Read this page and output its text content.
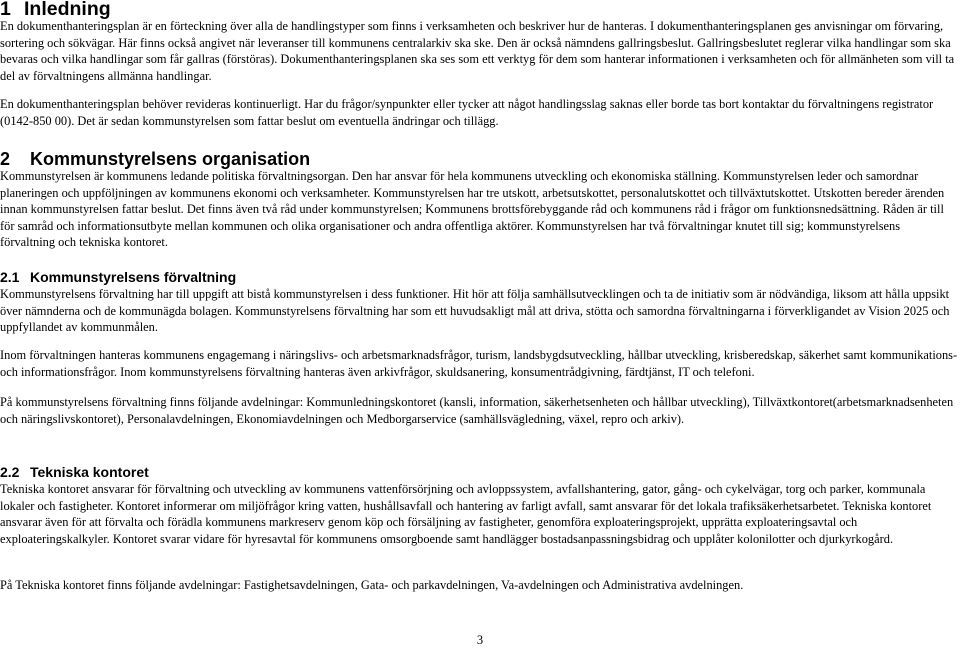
1 Inledning

En dokumenthanteringsplan är en förteckning över alla de handlingstyper som finns i verksamheten och beskriver hur de hanteras. I dokumenthanteringsplanen ges anvisningar om förvaring, sortering och sökvägar. Här finns också angivet när leveranser till kommunens centralarkiv ska ske. Den är också nämndens gallringsbeslut. Gallringsbeslutet reglerar vilka handlingar som ska bevaras och vilka handlingar som får gallras (förstöras). Dokumenthanteringsplanen ska ses som ett verktyg för dem som hanterar informationen i verksamheten och för allmänheten som vill ta del av förvaltningens allmänna handlingar.

En dokumenthanteringsplan behöver revideras kontinuerligt. Har du frågor/synpunkter eller tycker att något handlingsslag saknas eller borde tas bort kontaktar du förvaltningens registrator (0142-850 00). Det är sedan kommunstyrelsen som fattar beslut om eventuella ändringar och tillägg.

2 Kommunstyrelsens organisation

Kommunstyrelsen är kommunens ledande politiska förvaltningsorgan. Den har ansvar för hela kommunens utveckling och ekonomiska ställning. Kommunstyrelsen leder och samordnar planeringen och uppföljningen av kommunens ekonomi och verksamheter. Kommunstyrelsen har tre utskott, arbetsutskottet, personalutskottet och tillväxtutskottet. Utskotten bereder ärenden innan kommunstyrelsen fattar beslut. Det finns även två råd under kommunstyrelsen; Kommunens brottsförebyggande råd och kommunens råd i frågor om funktionsnedsättning. Råden är till för samråd och informationsutbyte mellan kommunen och olika organisationer och andra offentliga aktörer. Kommunstyrelsen har två förvaltningar knutet till sig; kommunstyrelsens förvaltning och tekniska kontoret.

2.1 Kommunstyrelsens förvaltning

Kommunstyrelsens förvaltning har till uppgift att bistå kommunstyrelsen i dess funktioner. Hit hör att följa samhällsutvecklingen och ta de initiativ som är nödvändiga, liksom att hålla uppsikt över nämnderna och de kommunägda bolagen. Kommunstyrelsens förvaltning har som ett huvudsakligt mål att driva, stötta och samordna förvaltningarna i förverkligandet av Vision 2025 och uppfyllandet av kommunmålen.

Inom förvaltningen hanteras kommunens engagemang i näringslivs- och arbetsmarknadsfrågor, turism, landsbygdsutveckling, hållbar utveckling, krisberedskap, säkerhet samt kommunikations- och informationsfrågor. Inom kommunstyrelsens förvaltning hanteras även arkivfrågor, skuldsanering, konsumentrådgivning, färdtjänst, IT och telefoni.

På kommunstyrelsens förvaltning finns följande avdelningar: Kommunledningskontoret (kansli, information, säkerhetsenheten och hållbar utveckling), Tillväxtkontoret(arbetsmarknadsenheten och näringslivskontoret), Personalavdelningen, Ekonomiavdelningen och Medborgarservice (samhällsvägledning, växel, repro och arkiv).

2.2 Tekniska kontoret

Tekniska kontoret ansvarar för förvaltning och utveckling av kommunens vattenförsörjning och avloppssystem, avfallshantering, gator, gång- och cykelvägar, torg och parker, kommunala lokaler och fastigheter. Kontoret informerar om miljöfrågor kring vatten, hushållsavfall och hantering av farligt avfall, samt ansvarar för det lokala trafiksäkerhetsarbetet. Tekniska kontoret ansvarar även för att förvalta och förädla kommunens markreserv genom köp och försäljning av fastigheter, genomföra exploateringsprojekt, upprätta exploateringsavtal och exploateringskalkyler. Kontoret svarar vidare för hyresavtal för kommunens omsorgboende samt handlägger bostadsanpassningsbidrag och upplåter kolonilotter och djurkyrkogård.

På Tekniska kontoret finns följande avdelningar: Fastighetsavdelningen, Gata- och parkavdelningen, Va-avdelningen och Administrativa avdelningen.

3
